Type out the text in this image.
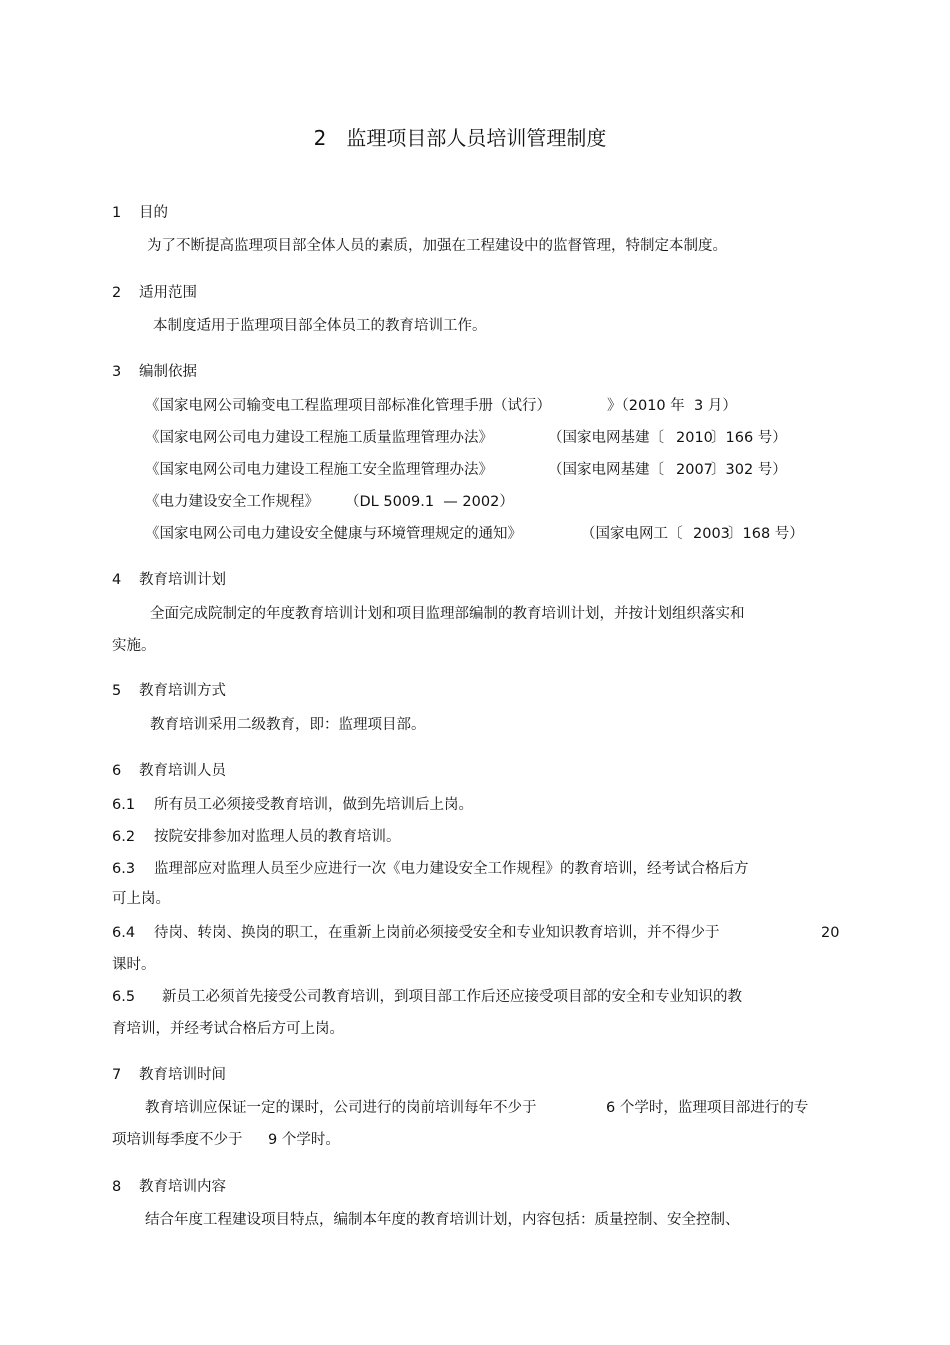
2　监理项目部人员培训管理制度
1 目的
为了不断提高监理项目部全体人员的素质，加强在工程建设中的监督管理，特制定本制度。
2 适用范围
本制度适用于监理项目部全体员工的教育培训工作。
3 编制依据
《国家电网公司输变电工程监理项目部标准化管理手册（试行）	》（2010 年  3 月）
《国家电网公司电力建设工程施工质量监理管理办法》	（国家电网基建〔 2010
〕166 号）
《国家电网公司电力建设工程施工安全监理管理办法》	（国家电网基建〔 2007
〕302 号）
《电力建设安全工作规程》 （DL 5009.1  — 2002）
《国家电网公司电力建设安全健康与环境管理规定的通知》	（国家电网工〔 2003
〕168 号）
4 教育培训计划
全面完成院制定的年度教育培训计划和项目监理部编制的教育培训计划，并按计划组织落实和
实施。
5 教育培训方式
教育培训采用二级教育，即：监理项目部。
6 教育培训人员
6.1 所有员工必须接受教育培训，做到先培训后上岗。
6.2 按院安排参加对监理人员的教育培训。
6.3 监理部应对监理人员至少应进行一次《电力建设安全工作规程》的教育培训，经考试合格后方
可上岗。
6.4 待岗、转岗、换岗的职工，在重新上岗前必须接受安全和专业知识教育培训，并不得少于	20
课时。
6.5 新员工必须首先接受公司教育培训，到项目部工作后还应接受项目部的安全和专业知识的教
育培训，并经考试合格后方可上岗。
7 教育培训时间
教育培训应保证一定的课时，公司进行的岗前培训每年不少于	6 个学时，监理项目部进行的专
项培训每季度不少于 9 个学时。
8 教育培训内容
结合年度工程建设项目特点，编制本年度的教育培训计划，内容包括：质量控制、安全控制、
